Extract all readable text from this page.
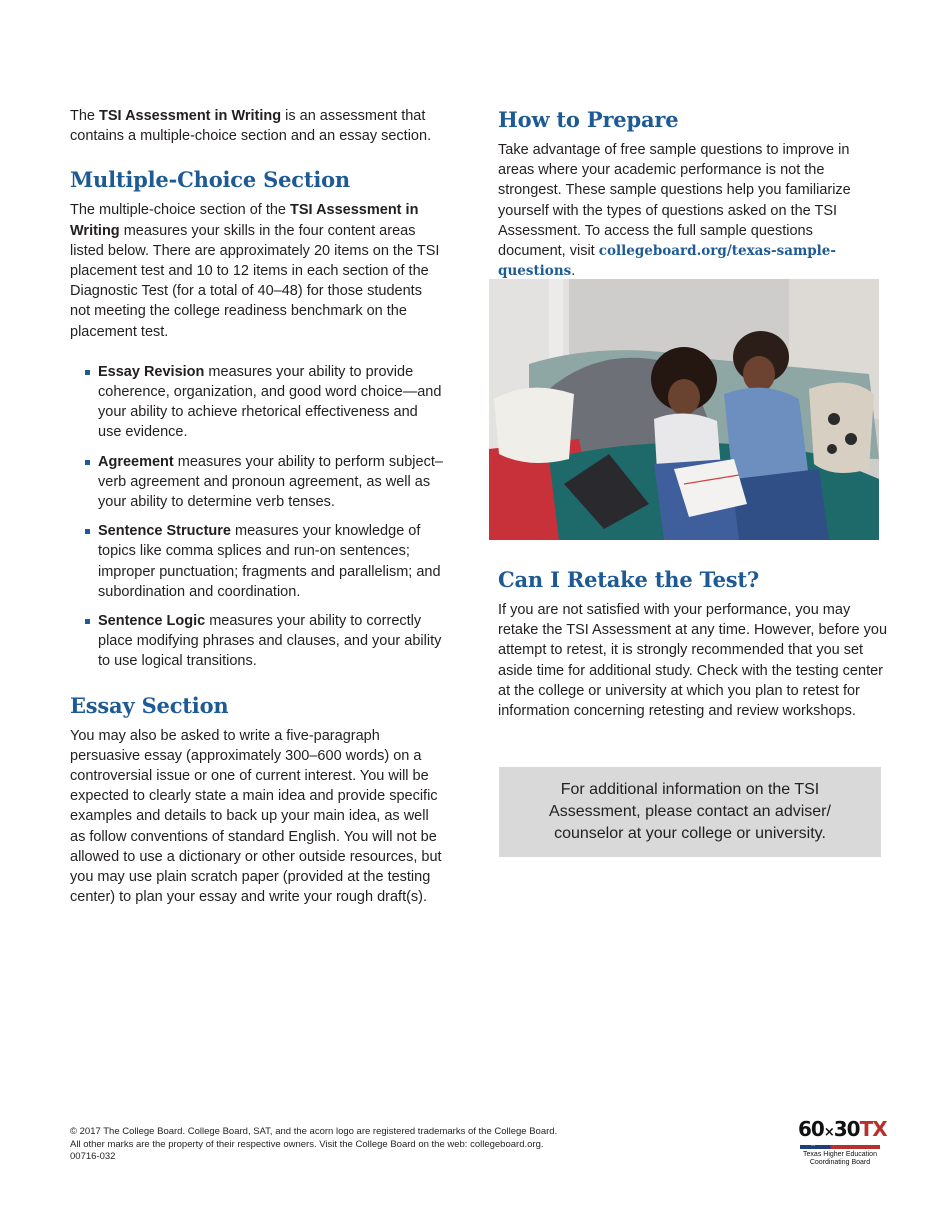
The TSI Assessment in Writing is an assessment that contains a multiple-choice section and an essay section.

Multiple-Choice Section

The multiple-choice section of the TSI Assessment in Writing measures your skills in the four content areas listed below. There are approximately 20 items on the TSI placement test and 10 to 12 items in each section of the Diagnostic Test (for a total of 40–48) for those students not meeting the college readiness benchmark on the placement test.

Essay Revision measures your ability to provide coherence, organization, and good word choice—and your ability to achieve rhetorical effectiveness and use evidence.
Agreement measures your ability to perform subject–verb agreement and pronoun agreement, as well as your ability to determine verb tenses.
Sentence Structure measures your knowledge of topics like comma splices and run-on sentences; improper punctuation; fragments and parallelism; and subordination and coordination.
Sentence Logic measures your ability to correctly place modifying phrases and clauses, and your ability to use logical transitions.
Essay Section

You may also be asked to write a five-paragraph persuasive essay (approximately 300–600 words) on a controversial issue or one of current interest. You will be expected to clearly state a main idea and provide specific examples and details to back up your main idea, as well as follow conventions of standard English. You will not be allowed to use a dictionary or other outside resources, but you may use plain scratch paper (provided at the testing center) to plan your essay and write your rough draft(s).

How to Prepare

Take advantage of free sample questions to improve in areas where your academic performance is not the strongest. These sample questions help you familiarize yourself with the types of questions asked on the TSI Assessment. To access the full sample questions document, visit collegeboard.org/texas-sample-questions.

Can I Retake the Test?

If you are not satisfied with your performance, you may retake the TSI Assessment at any time. However, before you attempt to retest, it is strongly recommended that you set aside time for additional study. Check with the testing center at the college or university at which you plan to retest for information concerning retesting and review workshops.

For additional information on the TSI Assessment, please contact an adviser/ counselor at your college or university.
© 2017 The College Board. College Board, SAT, and the acorn logo are registered trademarks of the College Board.
All other marks are the property of their respective owners. Visit the College Board on the web: collegeboard.org.
00716-032
60×30TX
★
Texas Higher Education
Coordinating Board
